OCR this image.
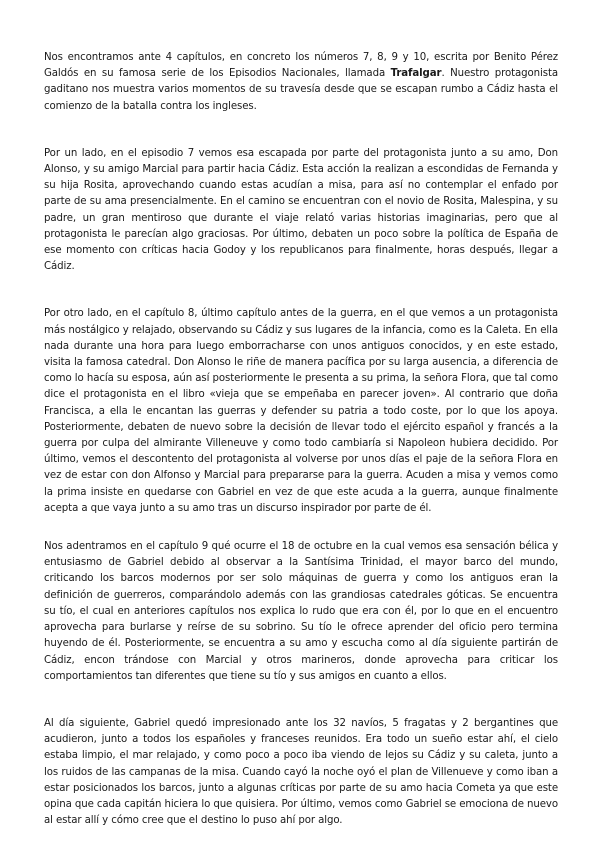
Nos encontramos ante 4 capítulos, en concreto los números 7, 8, 9 y 10, escrita por Benito Pérez Galdós en su famosa serie de los Episodios Nacionales, llamada Trafalgar. Nuestro protagonista gaditano nos muestra varios momentos de su travesía desde que se escapan rumbo a Cádiz hasta el comienzo de la batalla contra los ingleses.

Por un lado, en el episodio 7 vemos esa escapada por parte del protagonista junto a su amo, Don Alonso, y su amigo Marcial para partir hacia Cádiz. Esta acción la realizan a escondidas de Fernanda y su hija Rosita, aprovechando cuando estas acudían a misa, para así no contemplar el enfado por parte de su ama presencialmente. En el camino se encuentran con el novio de Rosita, Malespina, y su padre, un gran mentiroso que durante el viaje relató varias historias imaginarias, pero que al protagonista le parecían algo graciosas. Por último, debaten un poco sobre la política de España de ese momento con críticas hacia Godoy y los republicanos para finalmente, horas después, llegar a Cádiz.

Por otro lado, en el capítulo 8, último capítulo antes de la guerra, en el que vemos a un protagonista más nostálgico y relajado, observando su Cádiz y sus lugares de la infancia, como es la Caleta. En ella nada durante una hora para luego emborracharse con unos antiguos conocidos, y en este estado, visita la famosa catedral. Don Alonso le riñe de manera pacífica por su larga ausencia, a diferencia de como lo hacía su esposa, aún así posteriormente le presenta a su prima, la señora Flora, que tal como dice el protagonista en el libro «vieja que se empeñaba en parecer joven». Al contrario que doña Francisca, a ella le encantan las guerras y defender su patria a todo coste, por lo que los apoya. Posteriormente, debaten de nuevo sobre la decisión de llevar todo el ejército español y francés a la guerra por culpa del almirante Villeneuve y como todo cambiaría si Napoleon hubiera decidido. Por último, vemos el descontento del protagonista al volverse por unos días el paje de la señora Flora en vez de estar con don Alfonso y Marcial para prepararse para la guerra. Acuden a misa y vemos como la prima insiste en quedarse con Gabriel en vez de que este acuda a la guerra, aunque finalmente acepta a que vaya junto a su amo tras un discurso inspirador por parte de él.

Nos adentramos en el capítulo 9 qué ocurre el 18 de octubre en la cual vemos esa sensación bélica y entusiasmo de Gabriel debido al observar a la Santísima Trinidad, el mayor barco del mundo, criticando los barcos modernos por ser solo máquinas de guerra y como los antiguos eran la definición de guerreros, comparándolo además con las grandiosas catedrales góticas. Se encuentra su tío, el cual en anteriores capítulos nos explica lo rudo que era con él, por lo que en el encuentro aprovecha para burlarse y reírse de su sobrino. Su tío le ofrece aprender del oficio pero termina huyendo de él. Posteriormente, se encuentra a su amo y escucha como al día siguiente partirán de Cádiz, encon trándose con Marcial y otros marineros, donde aprovecha para criticar los comportamientos tan diferentes que tiene su tío y sus amigos en cuanto a ellos.

Al día siguiente, Gabriel quedó impresionado ante los 32 navíos, 5 fragatas y 2 bergantines que acudieron, junto a todos los españoles y franceses reunidos. Era todo un sueño estar ahí, el cielo estaba limpio, el mar relajado, y como poco a poco iba viendo de lejos su Cádiz y su caleta, junto a los ruidos de las campanas de la misa. Cuando cayó la noche oyó el plan de Villenueve y como iban a estar posicionados los barcos, junto a algunas críticas por parte de su amo hacia Cometa ya que este opina que cada capitán hiciera lo que quisiera. Por último, vemos como Gabriel se emociona de nuevo al estar allí y cómo cree que el destino lo puso ahí por algo.
